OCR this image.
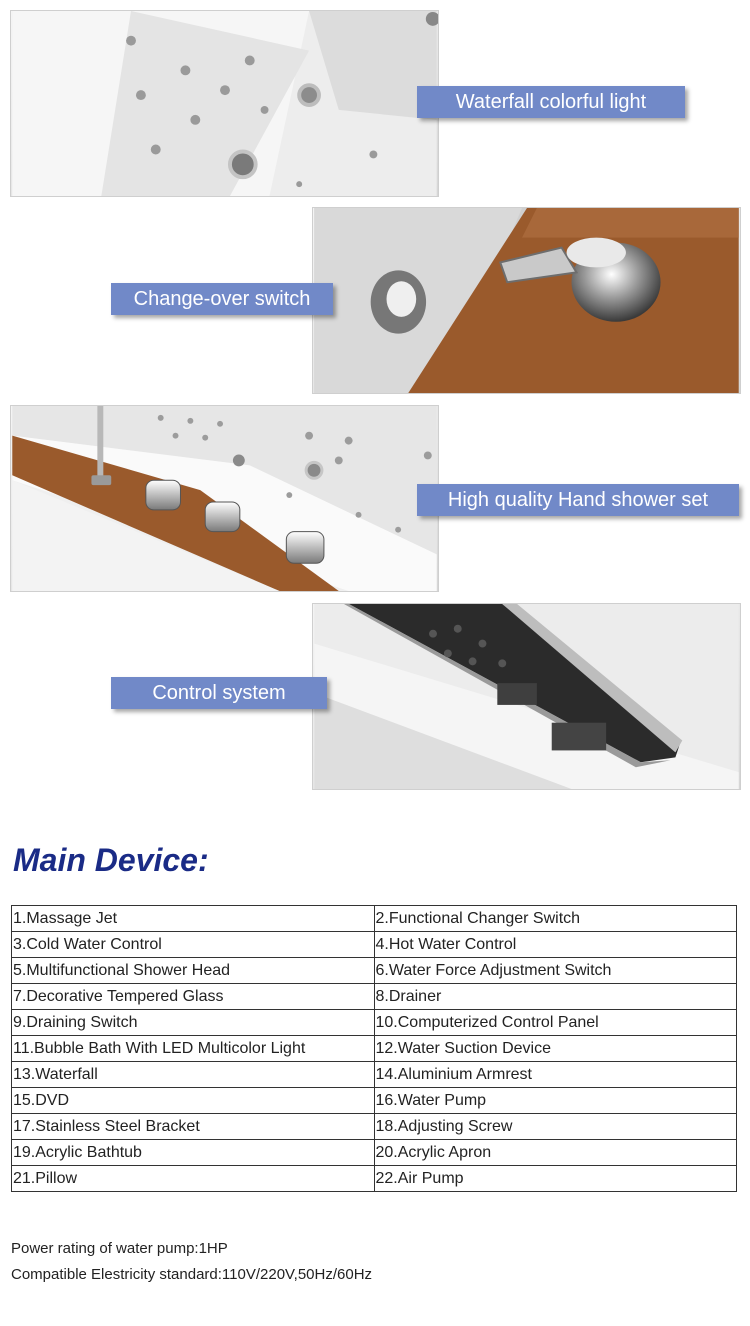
Waterfall colorful light
Change-over switch
High quality Hand shower set
Control system
Main Device:
1.Massage Jet	2.Functional Changer Switch
3.Cold Water Control	4.Hot Water Control
5.Multifunctional Shower Head	6.Water Force Adjustment Switch
7.Decorative Tempered Glass	8.Drainer
9.Draining Switch	10.Computerized Control Panel
11.Bubble Bath With LED Multicolor Light	12.Water Suction Device
13.Waterfall	14.Aluminium Armrest
15.DVD	16.Water Pump
17.Stainless Steel Bracket	18.Adjusting Screw
19.Acrylic Bathtub	20.Acrylic Apron
21.Pillow	22.Air Pump
Power rating of water pump:1HP
Compatible Elestricity standard:110V/220V,50Hz/60Hz
